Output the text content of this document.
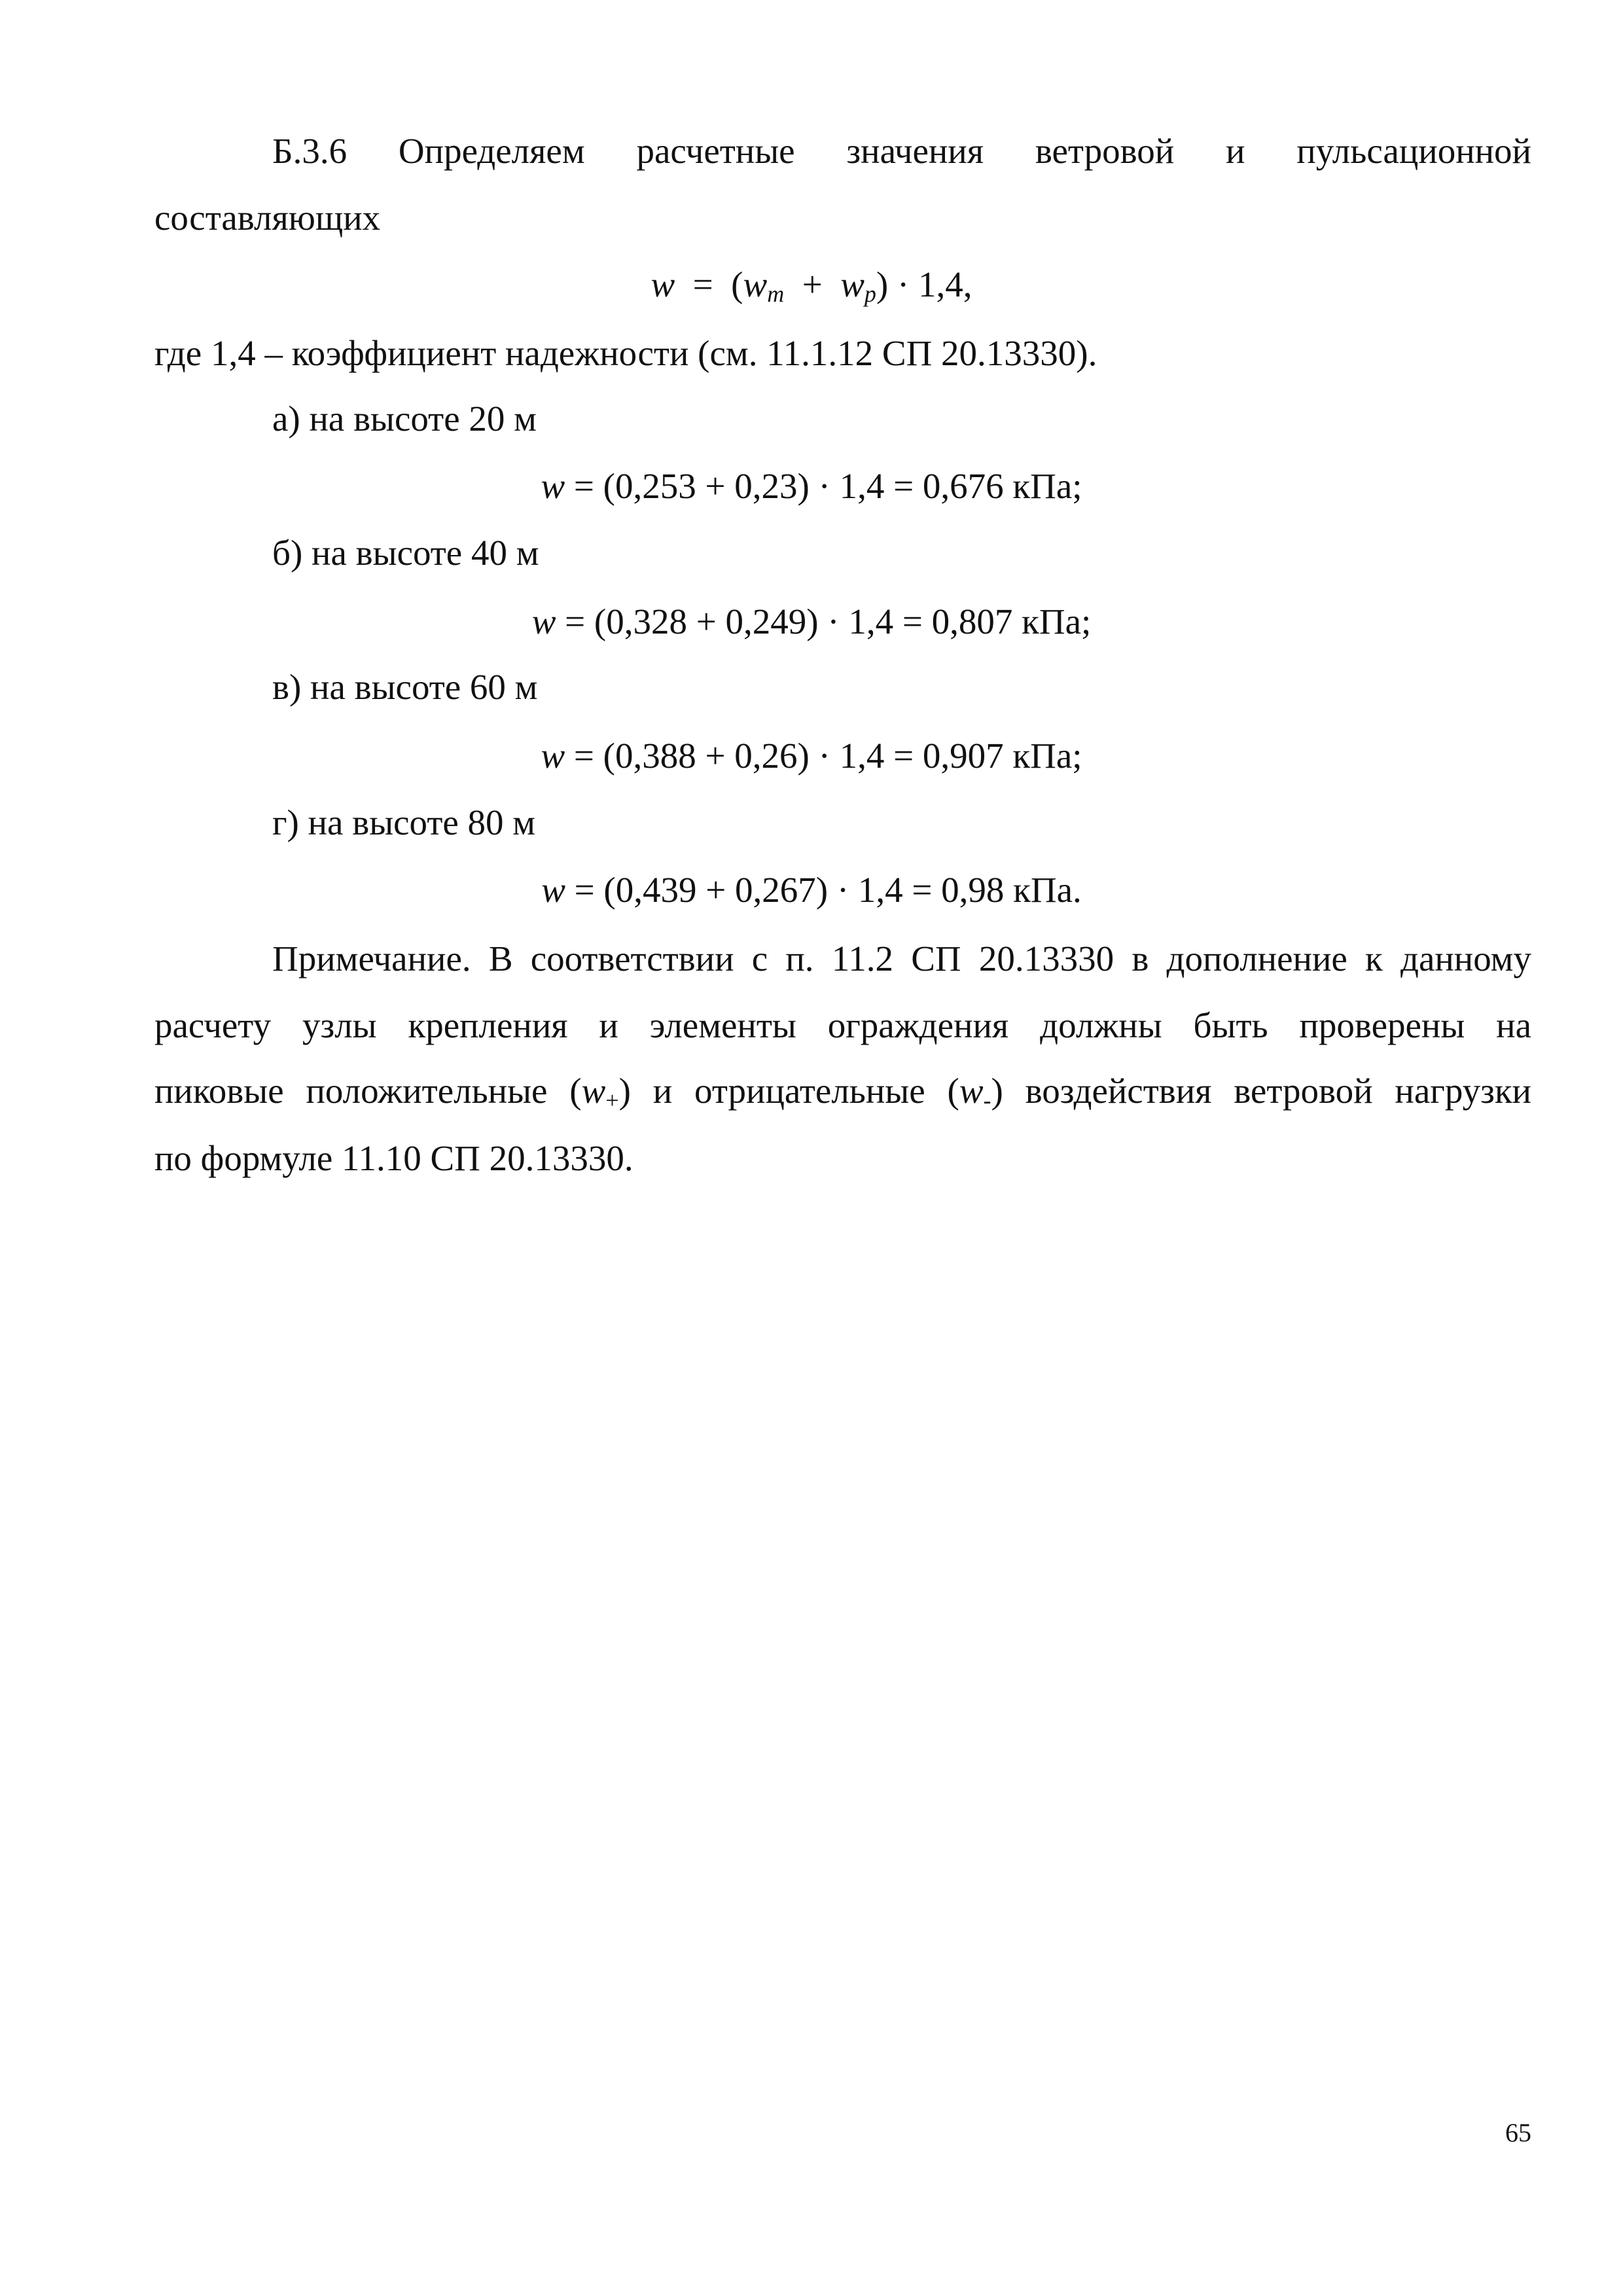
Б.3.6 Определяем расчетные значения ветровой и пульсационной
составляющих
$w = (w_m + w_p) \cdot 1,4$,
где 1,4 – коэффициент надежности (см. 11.1.12 СП 20.13330).
а) на высоте 20 м
w = (0,253 + 0,23) · 1,4 = 0,676 кПа;
б) на высоте 40 м
w = (0,328 + 0,249) · 1,4 = 0,807 кПа;
в) на высоте 60 м
w = (0,388 + 0,26) · 1,4 = 0,907 кПа;
г) на высоте 80 м
w = (0,439 + 0,267) · 1,4 = 0,98 кПа.
Примечание. В соответствии с п. 11.2 СП 20.13330 в дополнение к данному
расчету узлы крепления и элементы ограждения должны быть проверены на
пиковые положительные $(w_+)$ и отрицательные $(w_-)$ воздействия ветровой нагрузки
по формуле 11.10 СП 20.13330.
65
